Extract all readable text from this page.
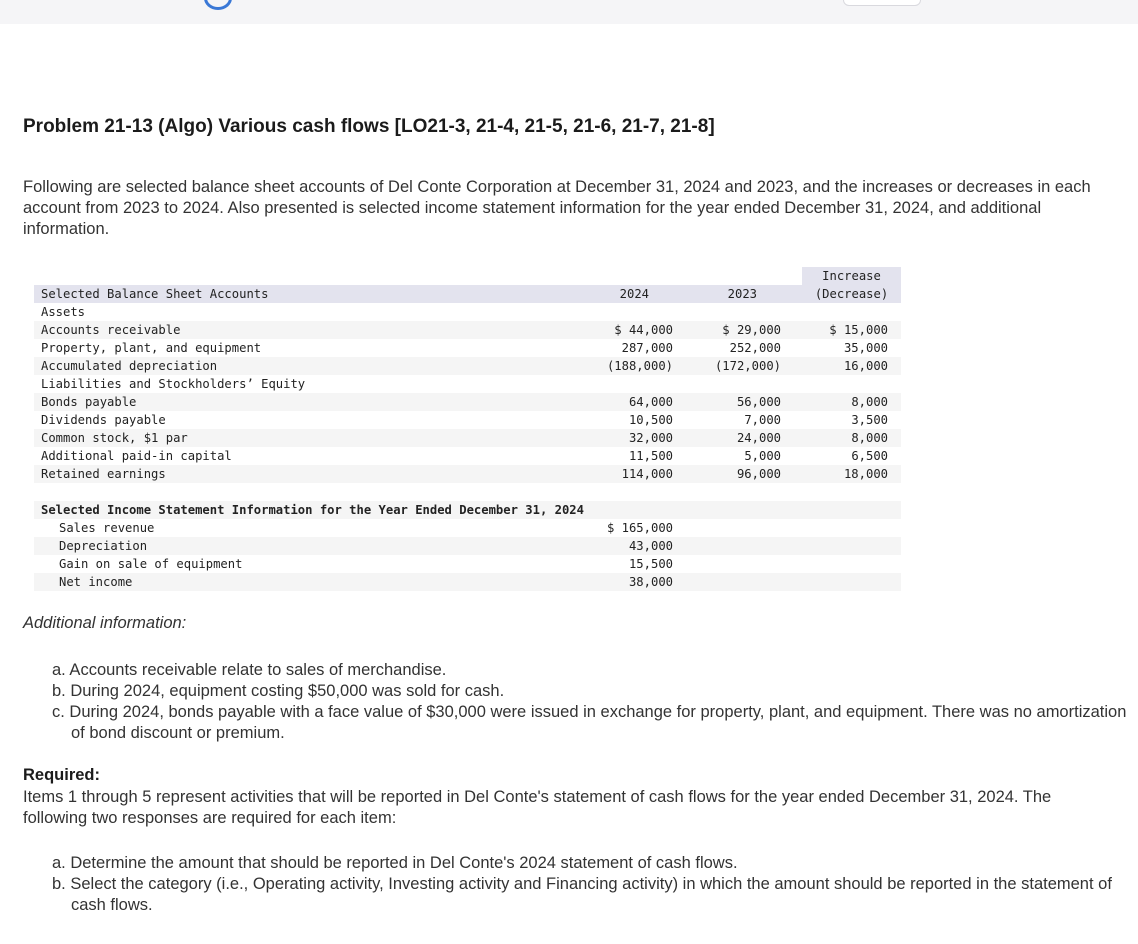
Problem 21-13 (Algo) Various cash flows [LO21-3, 21-4, 21-5, 21-6, 21-7, 21-8]
Following are selected balance sheet accounts of Del Conte Corporation at December 31, 2024 and 2023, and the increases or decreases in each account from 2023 to 2024. Also presented is selected income statement information for the year ended December 31, 2024, and additional information.
Increase
Selected Balance Sheet Accounts	2024	2023	(Decrease)
Assets
Accounts receivable	$ 44,000	$ 29,000	$ 15,000
Property, plant, and equipment	287,000	252,000	35,000
Accumulated depreciation	(188,000)	(172,000)	16,000
Liabilities and Stockholders’ Equity
Bonds payable	64,000	56,000	8,000
Dividends payable	10,500	7,000	3,500
Common stock, $1 par	32,000	24,000	8,000
Additional paid-in capital	11,500	5,000	6,500
Retained earnings	114,000	96,000	18,000
Selected Income Statement Information for the Year Ended December 31, 2024
Sales revenue	$ 165,000
Depreciation	43,000
Gain on sale of equipment	15,500
Net income	38,000
Additional information:
a. Accounts receivable relate to sales of merchandise.
b. During 2024, equipment costing $50,000 was sold for cash.
c. During 2024, bonds payable with a face value of $30,000 were issued in exchange for property, plant, and equipment. There was no amortization of bond discount or premium.
Required:
Items 1 through 5 represent activities that will be reported in Del Conte's statement of cash flows for the year ended December 31, 2024. The following two responses are required for each item:
a. Determine the amount that should be reported in Del Conte's 2024 statement of cash flows.
b. Select the category (i.e., Operating activity, Investing activity and Financing activity) in which the amount should be reported in the statement of cash flows.
